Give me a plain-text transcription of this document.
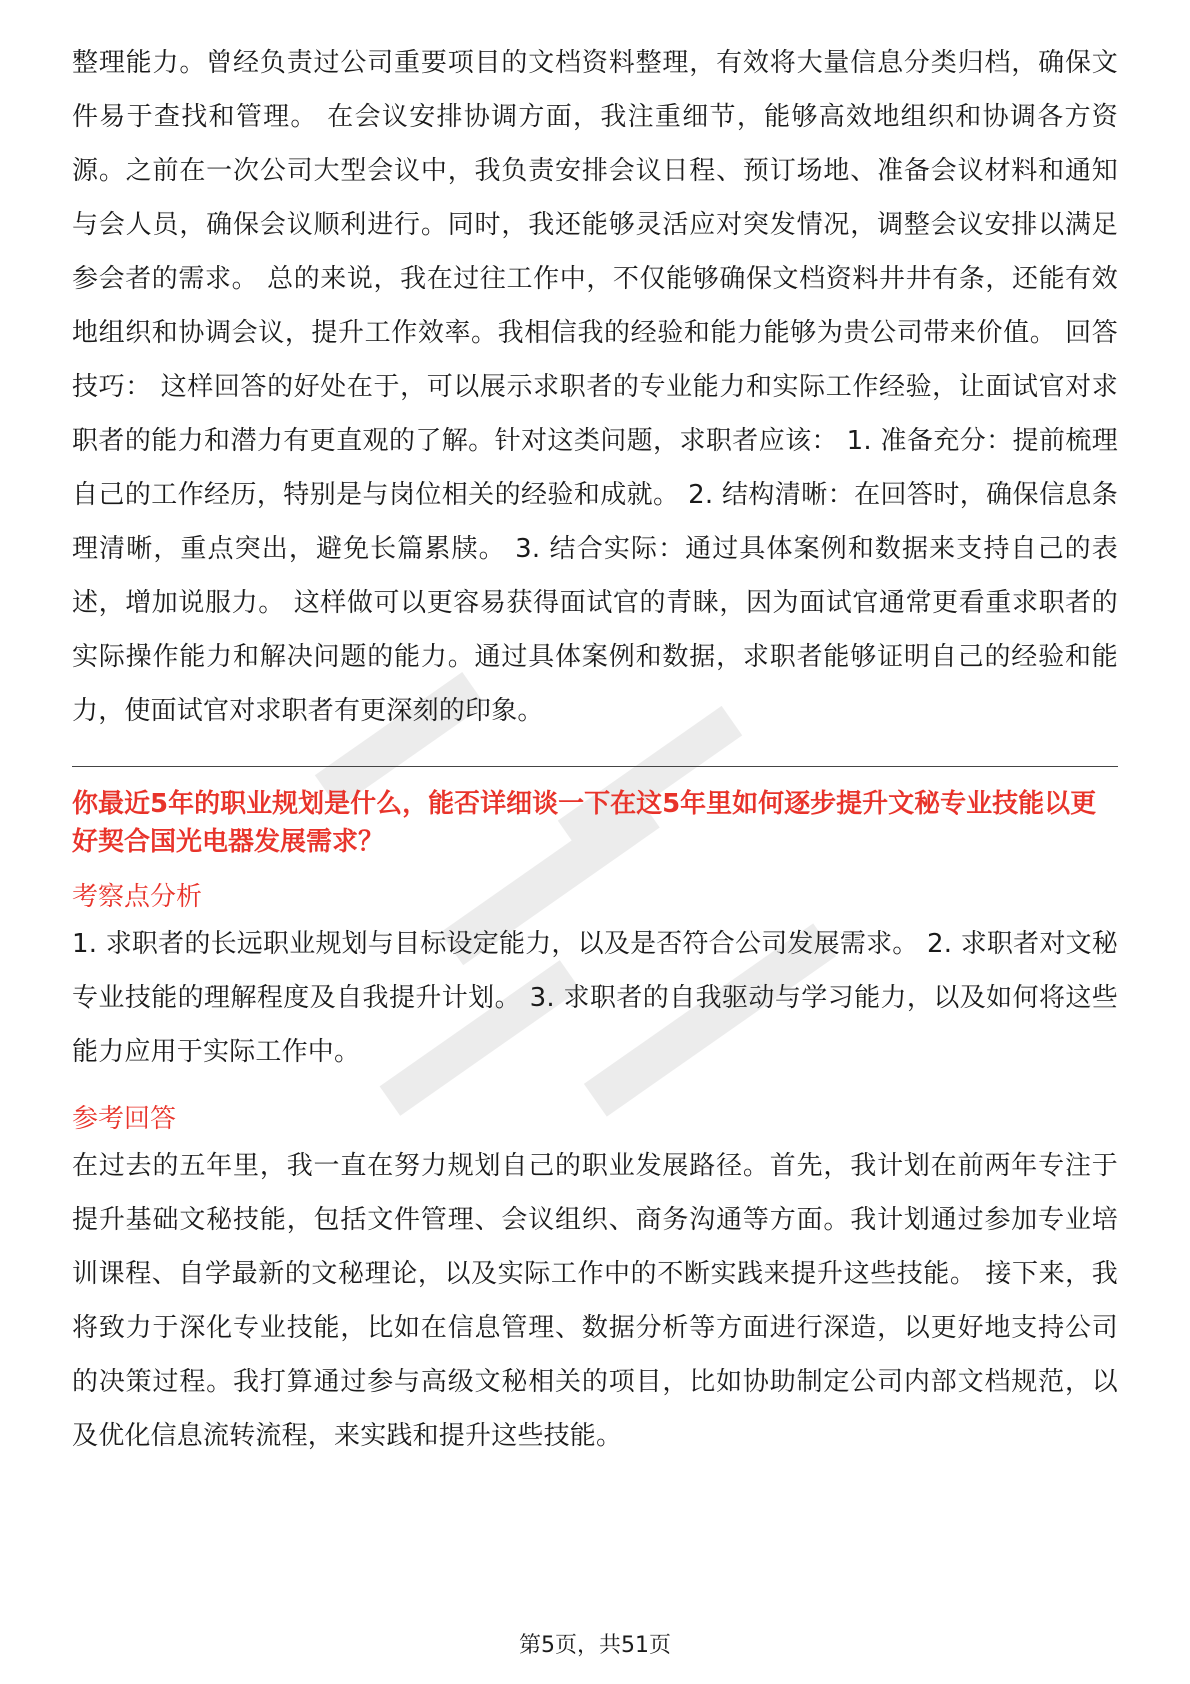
整理能力。曾经负责过公司重要项目的文档资料整理，有效将大量信息分类归档，确保文件易于查找和管理。 在会议安排协调方面，我注重细节，能够高效地组织和协调各方资源。之前在一次公司大型会议中，我负责安排会议日程、预订场地、准备会议材料和通知与会人员，确保会议顺利进行。同时，我还能够灵活应对突发情况，调整会议安排以满足参会者的需求。 总的来说，我在过往工作中，不仅能够确保文档资料井井有条，还能有效地组织和协调会议，提升工作效率。我相信我的经验和能力能够为贵公司带来价值。 回答技巧： 这样回答的好处在于，可以展示求职者的专业能力和实际工作经验，让面试官对求职者的能力和潜力有更直观的了解。针对这类问题，求职者应该： 1. 准备充分：提前梳理自己的工作经历，特别是与岗位相关的经验和成就。 2. 结构清晰：在回答时，确保信息条理清晰，重点突出，避免长篇累牍。 3. 结合实际：通过具体案例和数据来支持自己的表述，增加说服力。 这样做可以更容易获得面试官的青睐，因为面试官通常更看重求职者的实际操作能力和解决问题的能力。通过具体案例和数据，求职者能够证明自己的经验和能力，使面试官对求职者有更深刻的印象。

你最近5年的职业规划是什么，能否详细谈一下在这5年里如何逐步提升文秘专业技能以更好契合国光电器发展需求？

考察点分析

1. 求职者的长远职业规划与目标设定能力，以及是否符合公司发展需求。 2. 求职者对文秘专业技能的理解程度及自我提升计划。 3. 求职者的自我驱动与学习能力，以及如何将这些能力应用于实际工作中。

参考回答

在过去的五年里，我一直在努力规划自己的职业发展路径。首先，我计划在前两年专注于提升基础文秘技能，包括文件管理、会议组织、商务沟通等方面。我计划通过参加专业培训课程、自学最新的文秘理论，以及实际工作中的不断实践来提升这些技能。 接下来，我将致力于深化专业技能，比如在信息管理、数据分析等方面进行深造，以更好地支持公司的决策过程。我打算通过参与高级文秘相关的项目，比如协助制定公司内部文档规范，以及优化信息流转流程，来实践和提升这些技能。

第5页，共51页
